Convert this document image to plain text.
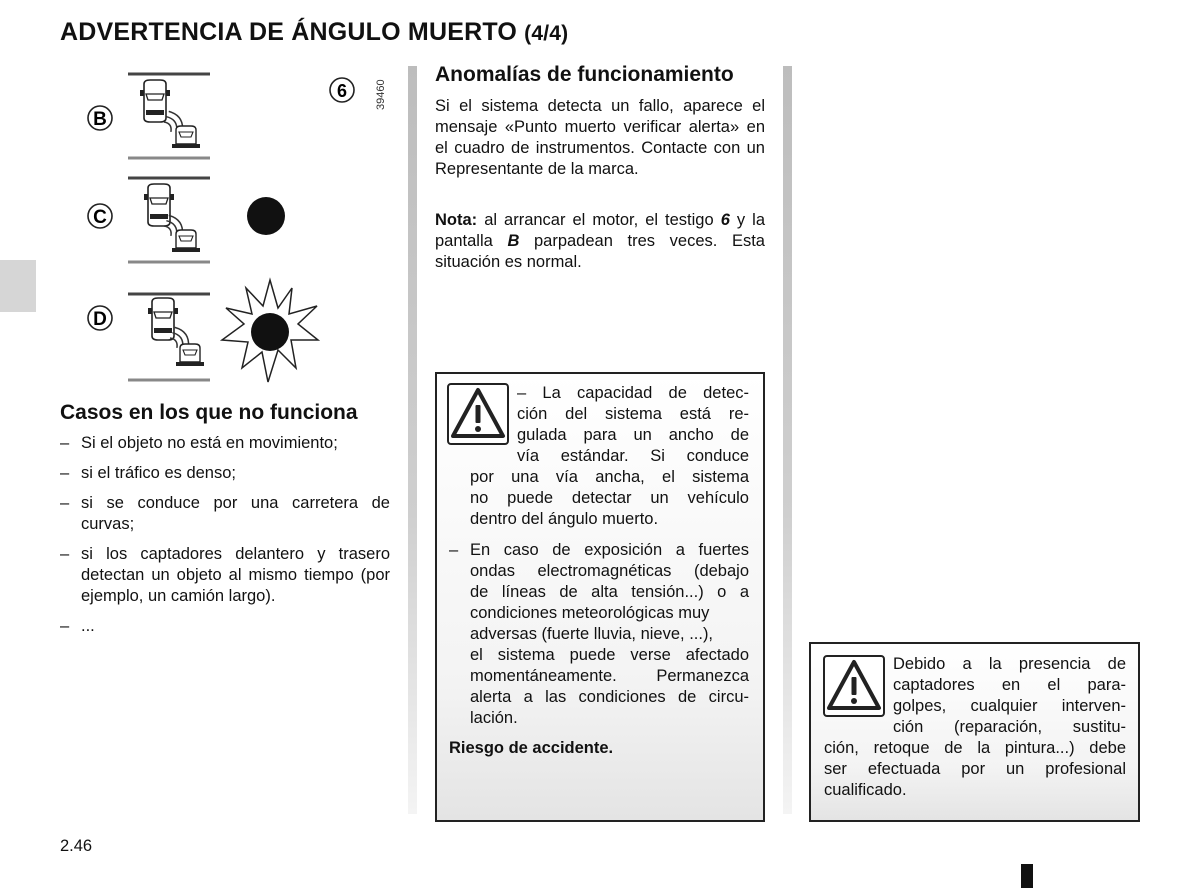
ADVERTENCIA DE ÁNGULO MUERTO (4/4)
B
C
D
6	39460
Casos en los que no funciona
– Si el objeto no está en movimiento;
– si el tráfico es denso;
– si se conduce por una carretera de curvas;
– si los captadores delantero y trasero detectan un objeto al mismo tiempo (por ejemplo, un camión largo).
– ...
Anomalías de funcionamiento
Si el sistema detecta un fallo, aparece el mensaje «Punto muerto verificar alerta» en el cuadro de instrumentos. Contacte con un Representante de la marca.
Nota: al arrancar el motor, el testigo 6 y la pantalla B parpadean tres veces. Esta situación es normal.
– La capacidad de detec-
ción del sistema está re-
gulada para un ancho de
vía estándar. Si conduce
por una vía ancha, el sistema
no puede detectar un vehículo
dentro del ángulo muerto.
– En caso de exposición a fuertes
ondas electromagnéticas (debajo
de líneas de alta tensión...) o a
condiciones meteorológicas muy
adversas (fuerte lluvia, nieve, ...),
el sistema puede verse afectado
momentáneamente. Permanezca
alerta a las condiciones de circu-
lación.
Riesgo de accidente.
Debido a la presencia de
captadores en el para-
golpes, cualquier interven-
ción (reparación, sustitu-
ción, retoque de la pintura...) debe
ser efectuada por un profesional
cualificado.
2.46
